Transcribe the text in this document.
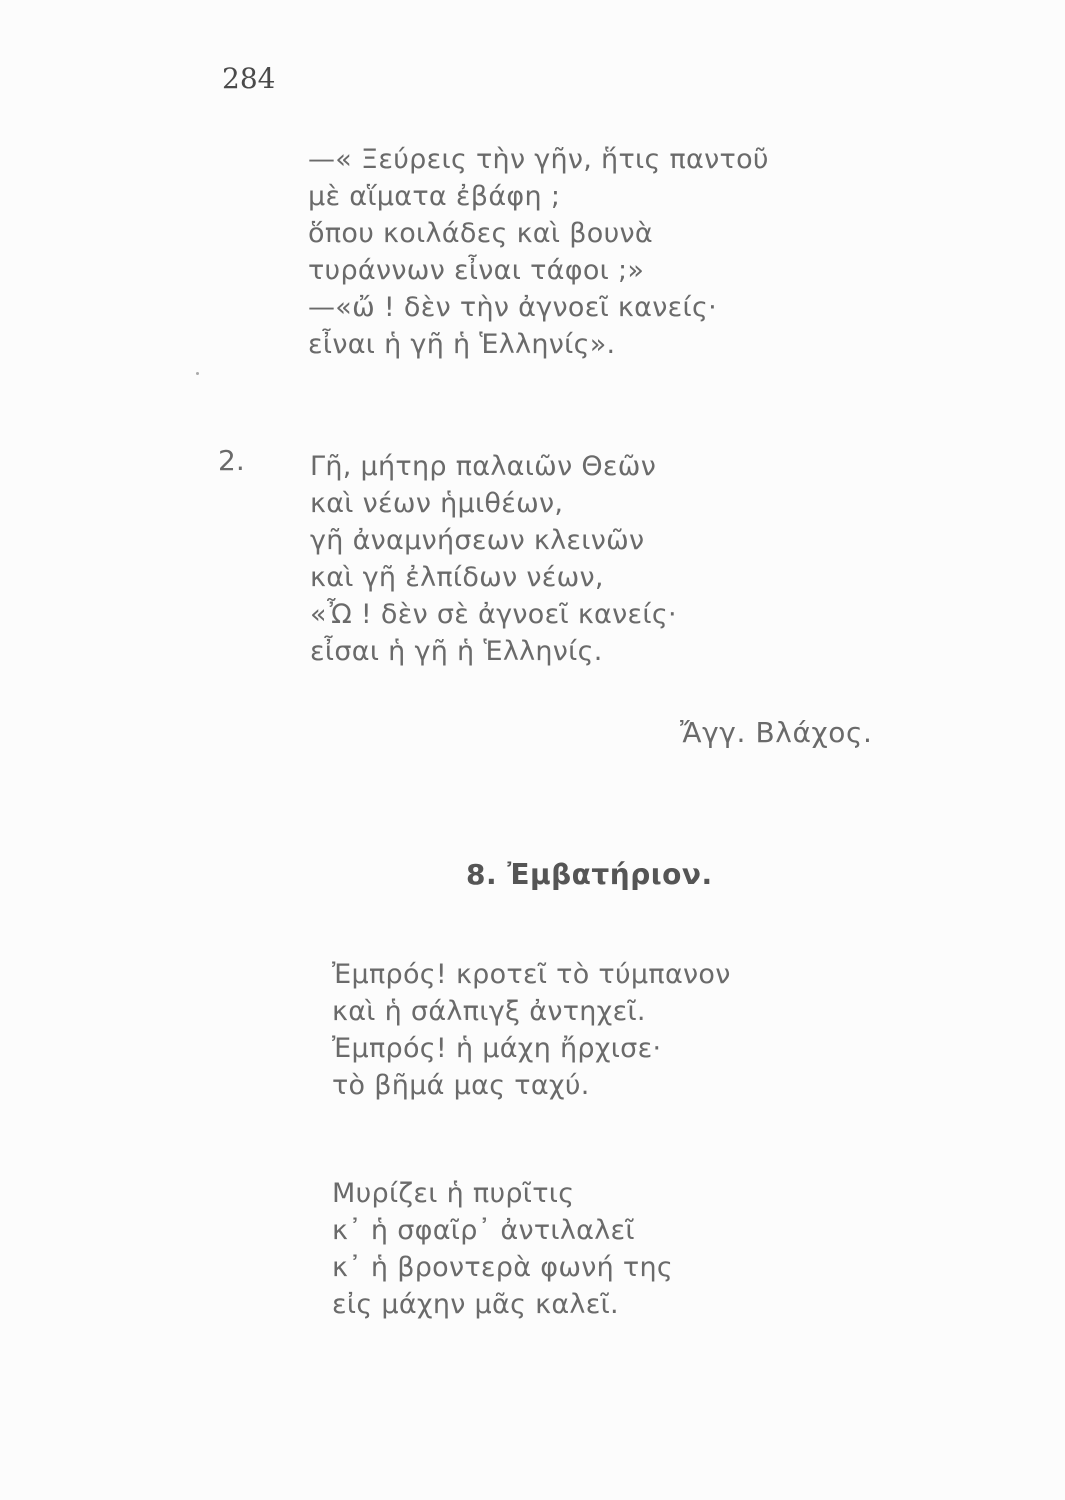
284
—« Ξεύρεις τὴν γῆν, ἥτις παντοῦ
μὲ αἵματα ἐβάφη ;
ὅπου κοιλάδες καὶ βουνὰ
τυράννων εἶναι τάφοι ;»
—«ὤ ! δὲν τὴν ἀγνοεῖ κανείς·
εἶναι ἡ γῆ ἡ Ἑλληνίς».
2. Γῆ, μήτηρ παλαιῶν Θεῶν
καὶ νέων ἡμιθέων,
γῆ ἀναμνήσεων κλεινῶν
καὶ γῆ ἐλπίδων νέων,
«Ὦ ! δὲν σὲ ἀγνοεῖ κανείς·
εἶσαι ἡ γῆ ἡ Ἑλληνίς.
Ἄγγ. Βλάχος.
8. Ἐμβατήριον.
Ἐμπρός! κροτεῖ τὸ τύμπανον
καὶ ἡ σάλπιγξ ἀντηχεῖ.
Ἐμπρός! ἡ μάχη ἤρχισε·
τὸ βῆμά μας ταχύ.
Μυρίζει ἡ πυρῖτις
κ᾽ ἡ σφαῖρ᾽ ἀντιλαλεῖ
κ᾽ ἡ βροντερὰ φωνή της
εἰς μάχην μᾶς καλεῖ.
